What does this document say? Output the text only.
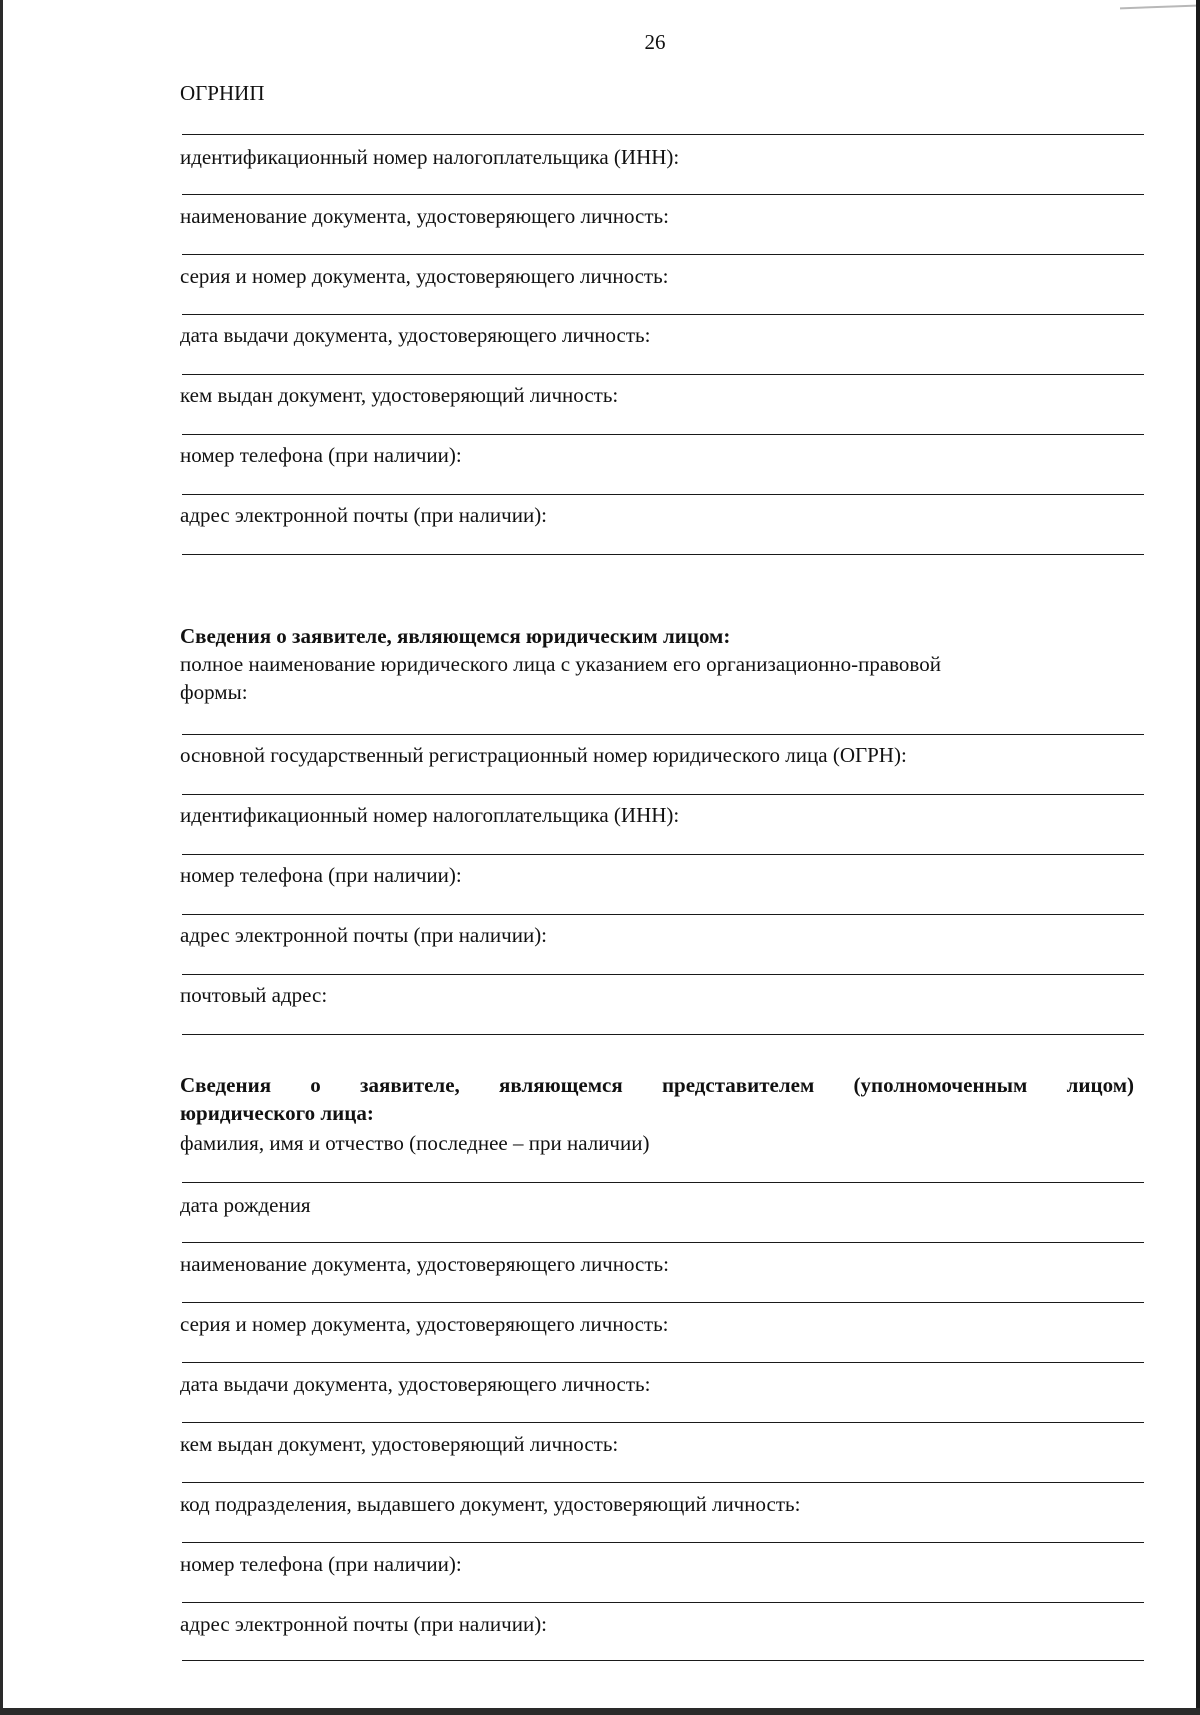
26
ОГРНИП
идентификационный номер налогоплательщика (ИНН):
наименование документа, удостоверяющего личность:
серия и номер документа, удостоверяющего личность:
дата выдачи документа, удостоверяющего личность:
кем выдан документ, удостоверяющий личность:
номер телефона (при наличии):
адрес электронной почты (при наличии):
Сведения о заявителе, являющемся юридическим лицом:
полное наименование юридического лица с указанием его организационно-правовой
формы:
основной государственный регистрационный номер юридического лица (ОГРН):
идентификационный номер налогоплательщика (ИНН):
номер телефона (при наличии):
адрес электронной почты (при наличии):
почтовый адрес:
Сведения о заявителе, являющемся представителем (уполномоченным лицом)
юридического лица:
фамилия, имя и отчество (последнее – при наличии)
дата рождения
наименование документа, удостоверяющего личность:
серия и номер документа, удостоверяющего личность:
дата выдачи документа, удостоверяющего личность:
кем выдан документ, удостоверяющий личность:
код подразделения, выдавшего документ, удостоверяющий личность:
номер телефона (при наличии):
адрес электронной почты (при наличии):
